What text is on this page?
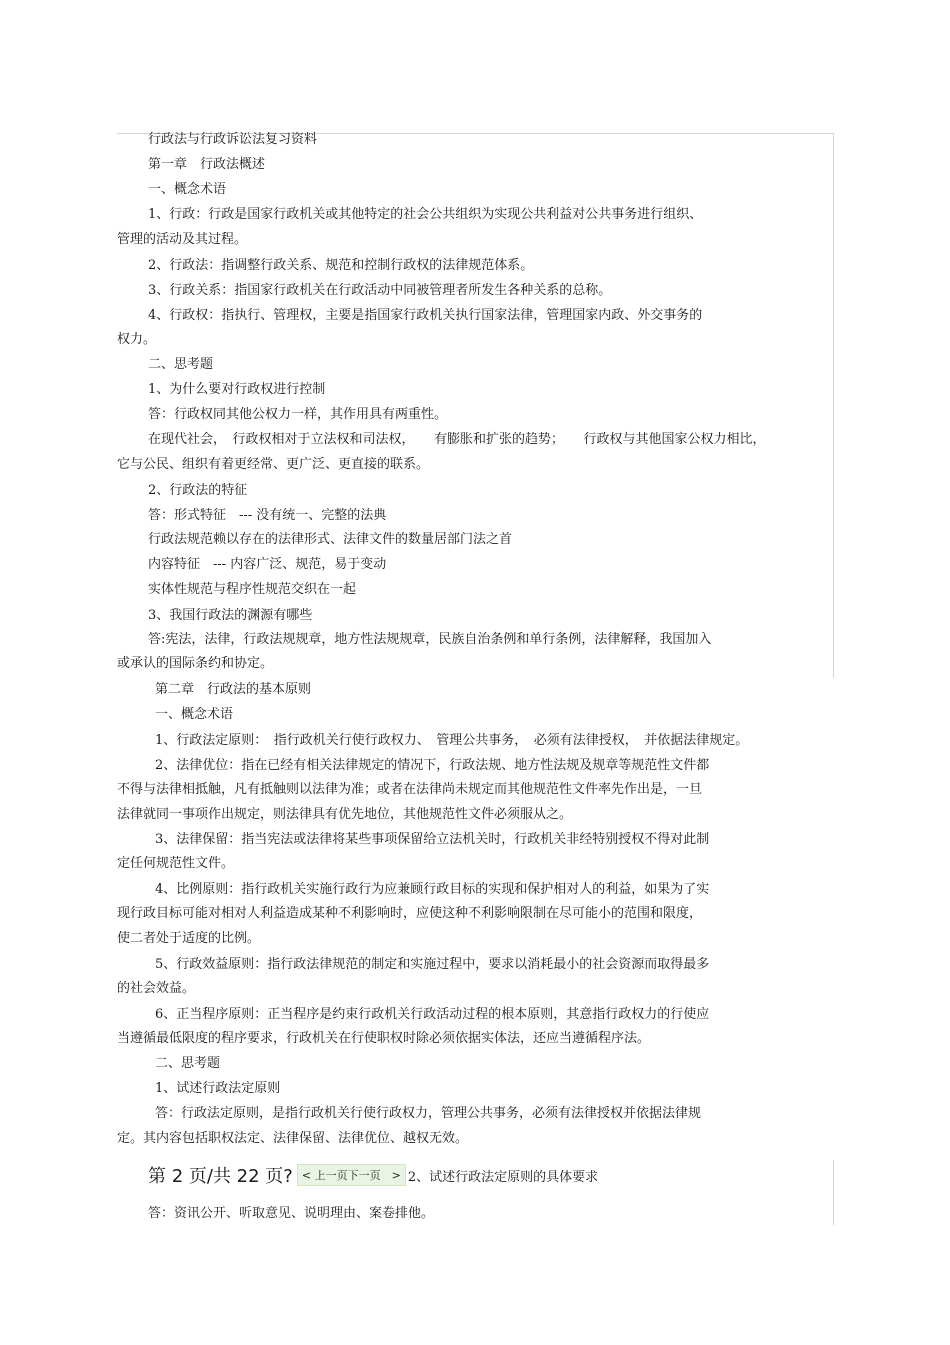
行政法与行政诉讼法复习资料

第一章　行政法概述

一、概念术语

1、行政：行政是国家行政机关或其他特定的社会公共组织为实现公共利益对公共事务进行组织、

管理的活动及其过程。

2、行政法：指调整行政关系、规范和控制行政权的法律规范体系。

3、行政关系：指国家行政机关在行政活动中同被管理者所发生各种关系的总称。

4、行政权：指执行、管理权，主要是指国家行政机关执行国家法律，管理国家内政、外交事务的

权力。

二、思考题

1、为什么要对行政权进行控制

答：行政权同其他公权力一样，其作用具有两重性。

在现代社会，　行政权相对于立法权和司法权，　　有膨胀和扩张的趋势；　　行政权与其他国家公权力相比，

它与公民、组织有着更经常、更广泛、更直接的联系。

2、行政法的特征

答：形式特征　--- 没有统一、完整的法典

行政法规范赖以存在的法律形式、法律文件的数量居部门法之首

内容特征　--- 内容广泛、规范，易于变动

实体性规范与程序性规范交织在一起

3、我国行政法的渊源有哪些

答:宪法，法律，行政法规规章，地方性法规规章，民族自治条例和单行条例，法律解释，我国加入

或承认的国际条约和协定。

第二章　行政法的基本原则

一、概念术语

1、行政法定原则：　指行政机关行使行政权力、　管理公共事务，　必须有法律授权，　并依据法律规定。

2、法律优位：指在已经有相关法律规定的情况下，行政法规、地方性法规及规章等规范性文件都

不得与法律相抵触，凡有抵触则以法律为准；或者在法律尚未规定而其他规范性文件率先作出是，一旦

法律就同一事项作出规定，则法律具有优先地位，其他规范性文件必须服从之。

3、法律保留：指当宪法或法律将某些事项保留给立法机关时，行政机关非经特别授权不得对此制

定任何规范性文件。

4、比例原则：指行政机关实施行政行为应兼顾行政目标的实现和保护相对人的利益，如果为了实

现行政目标可能对相对人利益造成某种不利影响时，应使这种不利影响限制在尽可能小的范围和限度，

使二者处于适度的比例。

5、行政效益原则：指行政法律规范的制定和实施过程中，要求以消耗最小的社会资源而取得最多

的社会效益。

6、正当程序原则：正当程序是约束行政机关行政活动过程的根本原则，其意指行政权力的行使应

当遵循最低限度的程序要求，行政机关在行使职权时除必须依据实体法，还应当遵循程序法。

二、思考题

1、试述行政法定原则

答：行政法定原则，是指行政机关行使行政权力，管理公共事务，必须有法律授权并依据法律规

定。其内容包括职权法定、法律保留、法律优位、越权无效。

第 2 页/共 22 页? < 上一页 下一页　> 2、试述行政法定原则的具体要求

答：资讯公开、听取意见、说明理由、案卷排他。
